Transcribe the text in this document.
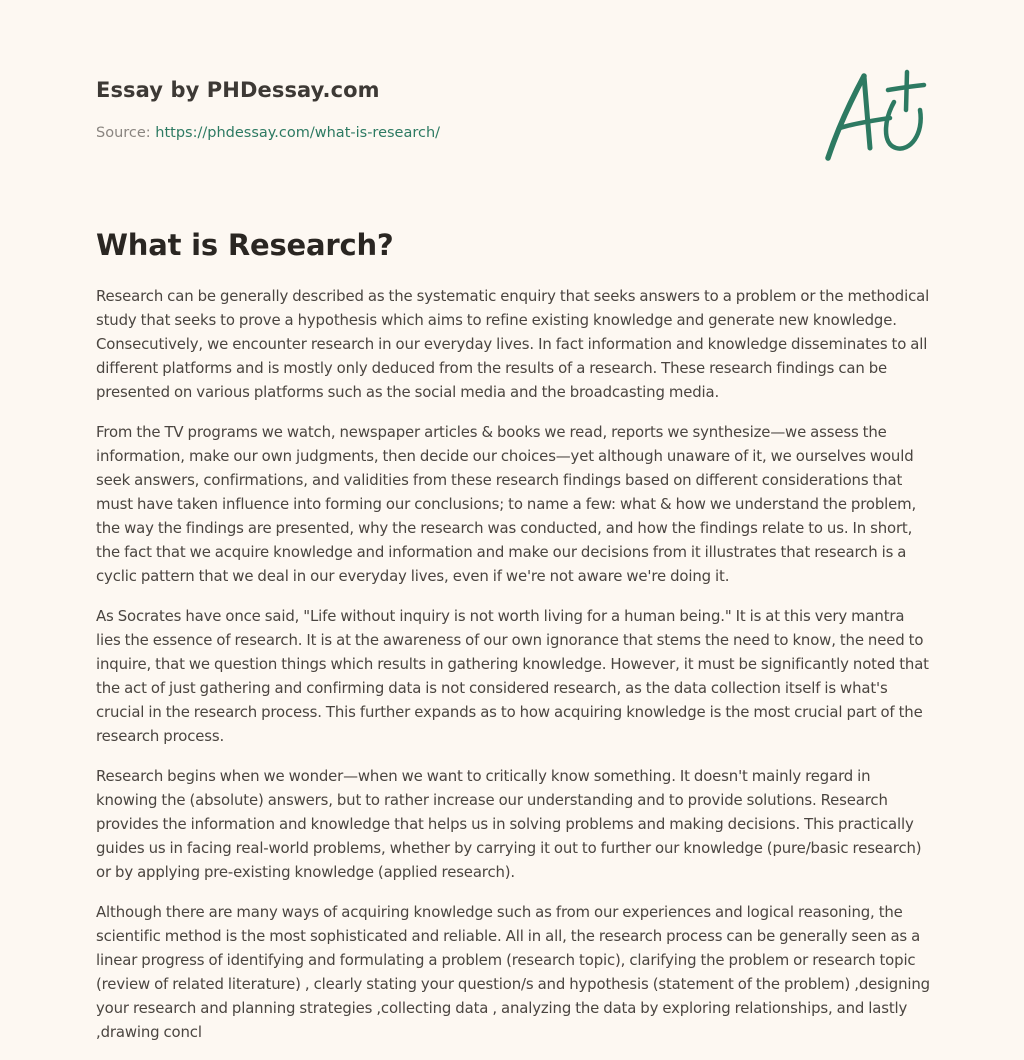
Essay by PHDessay.com
Source: https://phdessay.com/what-is-research/
What is Research?

Research can be generally described as the systematic enquiry that seeks answers to a problem or the methodical study that seeks to prove a hypothesis which aims to refine existing knowledge and generate new knowledge. Consecutively, we encounter research in our everyday lives. In fact information and knowledge disseminates to all different platforms and is mostly only deduced from the results of a research. These research findings can be presented on various platforms such as the social media and the broadcasting media.

From the TV programs we watch, newspaper articles & books we read, reports we synthesize—we assess the information, make our own judgments, then decide our choices—yet although unaware of it, we ourselves would seek answers, confirmations, and validities from these research findings based on different considerations that must have taken influence into forming our conclusions; to name a few: what & how we understand the problem, the way the findings are presented, why the research was conducted, and how the findings relate to us. In short, the fact that we acquire knowledge and information and make our decisions from it illustrates that research is a cyclic pattern that we deal in our everyday lives, even if we're not aware we're doing it.

As Socrates have once said, "Life without inquiry is not worth living for a human being." It is at this very mantra lies the essence of research. It is at the awareness of our own ignorance that stems the need to know, the need to inquire, that we question things which results in gathering knowledge. However, it must be significantly noted that the act of just gathering and confirming data is not considered research, as the data collection itself is what's crucial in the research process. This further expands as to how acquiring knowledge is the most crucial part of the research process.

Research begins when we wonder—when we want to critically know something. It doesn't mainly regard in knowing the (absolute) answers, but to rather increase our understanding and to provide solutions. Research provides the information and knowledge that helps us in solving problems and making decisions. This practically guides us in facing real-world problems, whether by carrying it out to further our knowledge (pure/basic research) or by applying pre-existing knowledge (applied research).

Although there are many ways of acquiring knowledge such as from our experiences and logical reasoning, the scientific method is the most sophisticated and reliable. All in all, the research process can be generally seen as a linear progress of identifying and formulating a problem (research topic), clarifying the problem or research topic (review of related literature) , clearly stating your question/s and hypothesis (statement of the problem) ,designing your research and planning strategies ,collecting data , analyzing the data by exploring relationships, and lastly ,drawing concl
